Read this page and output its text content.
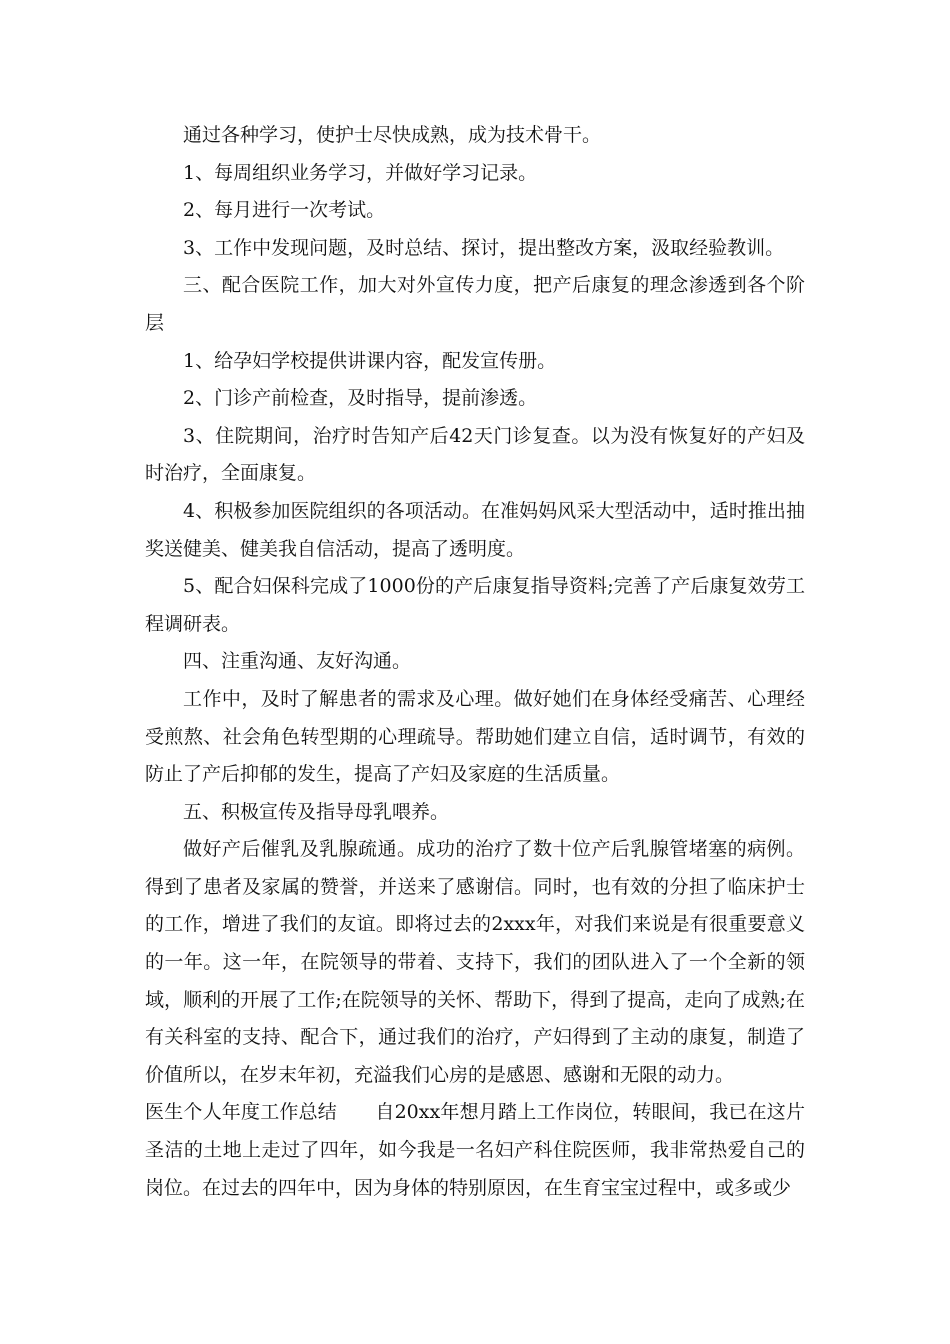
通过各种学习，使护士尽快成熟，成为技术骨干。

1、每周组织业务学习，并做好学习记录。

2、每月进行一次考试。

3、工作中发现问题，及时总结、探讨，提出整改方案，汲取经验教训。

三、配合医院工作，加大对外宣传力度，把产后康复的理念渗透到各个阶层

1、给孕妇学校提供讲课内容，配发宣传册。

2、门诊产前检查，及时指导，提前渗透。

3、住院期间，治疗时告知产后42天门诊复查。以为没有恢复好的产妇及时治疗，全面康复。

4、积极参加医院组织的各项活动。在准妈妈风采大型活动中，适时推出抽奖送健美、健美我自信活动，提高了透明度。

5、配合妇保科完成了1000份的产后康复指导资料;完善了产后康复效劳工程调研表。

四、注重沟通、友好沟通。

工作中，及时了解患者的需求及心理。做好她们在身体经受痛苦、心理经受煎熬、社会角色转型期的心理疏导。帮助她们建立自信，适时调节，有效的防止了产后抑郁的发生，提高了产妇及家庭的生活质量。

五、积极宣传及指导母乳喂养。

做好产后催乳及乳腺疏通。成功的治疗了数十位产后乳腺管堵塞的病例。得到了患者及家属的赞誉，并送来了感谢信。同时，也有效的分担了临床护士的工作，增进了我们的友谊。即将过去的2xxx年，对我们来说是有很重要意义的一年。这一年，在院领导的带着、支持下，我们的团队进入了一个全新的领域，顺利的开展了工作;在院领导的关怀、帮助下，得到了提高，走向了成熟;在有关科室的支持、配合下，通过我们的治疗，产妇得到了主动的康复，制造了价值所以，在岁末年初，充溢我们心房的是感恩、感谢和无限的动力。

医生个人年度工作总结　　自20xx年想月踏上工作岗位，转眼间，我已在这片圣洁的土地上走过了四年，如今我是一名妇产科住院医师，我非常热爱自己的岗位。在过去的四年中，因为身体的特别原因，在生育宝宝过程中，或多或少
